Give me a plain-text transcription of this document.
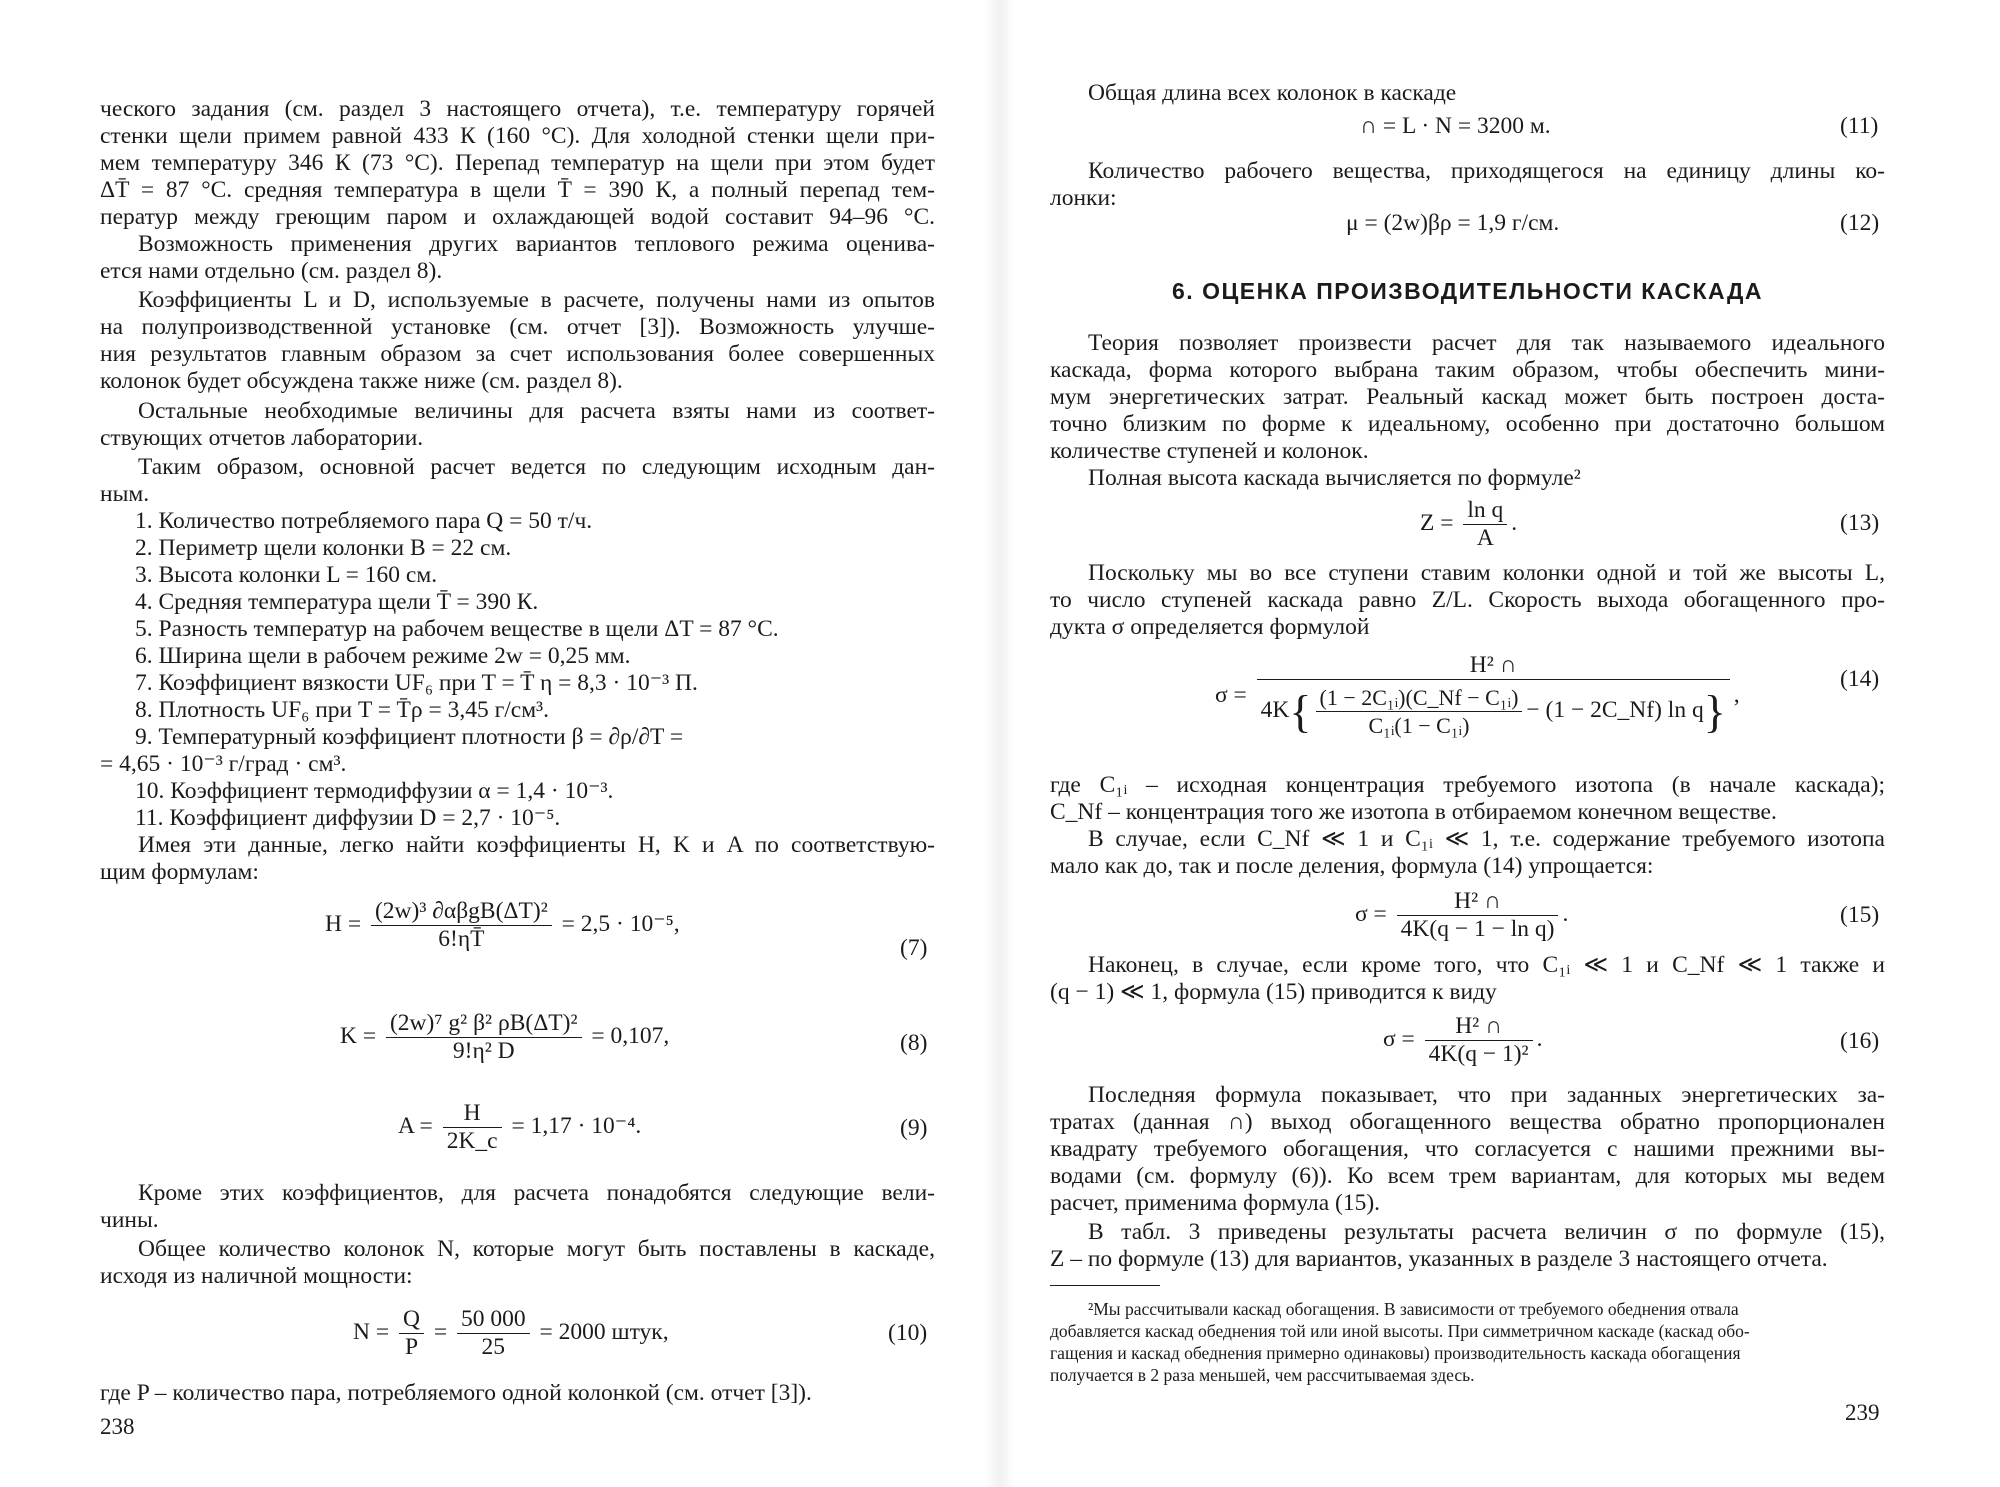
ческого задания (см. раздел 3 настоящего отчета), т.е. температуру горячей
стенки щели примем равной 433 К (160 °С). Для холодной стенки щели при-
мем температуру 346 К (73 °С). Перепад температур на щели при этом будет
ΔT̄ = 87 °С. средняя температура в щели T̄ = 390 К, а полный перепад тем-
ператур между греющим паром и охлаждающей водой составит 94–96 °С.
Возможность применения других вариантов теплового режима оценива-
ется нами отдельно (см. раздел 8).
Коэффициенты L и D, используемые в расчете, получены нами из опытов
на полупроизводственной установке (см. отчет [3]). Возможность улучше-
ния результатов главным образом за счет использования более совершенных
колонок будет обсуждена также ниже (см. раздел 8).
Остальные необходимые величины для расчета взяты нами из соответ-
ствующих отчетов лаборатории.
Таким образом, основной расчет ведется по следующим исходным дан-
ным.
1. Количество потребляемого пара Q = 50 т/ч.
2. Периметр щели колонки B = 22 см.
3. Высота колонки L = 160 см.
4. Средняя температура щели T̄ = 390 К.
5. Разность температур на рабочем веществе в щели ΔT = 87 °С.
6. Ширина щели в рабочем режиме 2w = 0,25 мм.
7. Коэффициент вязкости UF₆ при T = T̄ η = 8,3 · 10⁻³ П.
8. Плотность UF₆ при T = T̄ρ = 3,45 г/см³.
9. Температурный коэффициент плотности β = ∂ρ/∂T =
= 4,65 · 10⁻³ г/град · см³.
10. Коэффициент термодиффузии α = 1,4 · 10⁻³.
11. Коэффициент диффузии D = 2,7 · 10⁻⁵.
Имея эти данные, легко найти коэффициенты H, K и A по соответствую-
щим формулам:
$H = \frac{\text{(2w)³ ∂αβgB(ΔT)²}}{6!\eta T̄} = 2,5 \cdot 10^{-5}$,
(7)
$K = \frac{\text{(2w)⁷ g² β² ρB(ΔT)²}}{\text{9!η² D}} = 0,107$,	(8)
$A = \frac{H}{2K\_c} = 1,17 \cdot 10^{-4}$.	(9)
Кроме этих коэффициентов, для расчета понадобятся следующие вели-
чины.
Общее количество колонок N, которые могут быть поставлены в каскаде,
исходя из наличной мощности:
$N = \frac{Q}{P} = \frac{50 000}{25} = 2000$ штук,	(10)
где P – количество пара, потребляемого одной колонкой (см. отчет [3]).
238
Общая длина всех колонок в каскаде
∩ = L · N = 3200 м.	(11)
Количество рабочего вещества, приходящегося на единицу длины ко-
лонки:
μ = (2w)βρ = 1,9 г/см.	(12)
6. ОЦЕНКА ПРОИЗВОДИТЕЛЬНОСТИ КАСКАДА
Теория позволяет произвести расчет для так называемого идеального
каскада, форма которого выбрана таким образом, чтобы обеспечить мини-
мум энергетических затрат. Реальный каскад может быть построен доста-
точно близким по форме к идеальному, особенно при достаточно большом
количестве ступеней и колонок.
Полная высота каскада вычисляется по формуле²
$Z = \frac{\text{ln q}}{A}$ .	(13)
Поскольку мы во все ступени ставим колонки одной и той же высоты L,
то число ступеней каскада равно Z/L. Скорость выхода обогащенного про-
дукта σ определяется формулой
$\sigma = \frac{\text{H² ∩}}{4K\{ \frac{\text{(1 − 2C₁ᵢ)(C\_Nf − C₁ᵢ)}}{\text{C₁ᵢ(1 − C₁ᵢ)}} - (1 - 2C\_Nf) \ln q\}}$ ,
(14)
где C₁ᵢ – исходная концентрация требуемого изотопа (в начале каскада);
C_Nf – концентрация того же изотопа в отбираемом конечном веществе.
В случае, если C_Nf ≪ 1 и C₁ᵢ ≪ 1, т.е. содержание требуемого изотопа
мало как до, так и после деления, формула (14) упрощается:
$\sigma = \frac{\text{H² ∩}}{\text{4K(q − 1 − ln q)}}$ .	(15)
Наконец, в случае, если кроме того, что C₁ᵢ ≪ 1 и C_Nf ≪ 1 также и
(q − 1) ≪ 1, формула (15) приводится к виду
$\sigma = \frac{\text{H² ∩}}{\text{4K(q − 1)²}}$ .	(16)
Последняя формула показывает, что при заданных энергетических за-
тратах (данная ∩) выход обогащенного вещества обратно пропорционален
квадрату требуемого обогащения, что согласуется с нашими прежними вы-
водами (см. формулу (6)). Ко всем трем вариантам, для которых мы ведем
расчет, применима формула (15).
В табл. 3 приведены результаты расчета величин σ по формуле (15),
Z – по формуле (13) для вариантов, указанных в разделе 3 настоящего отчета.
²Мы рассчитывали каскад обогащения. В зависимости от требуемого обеднения отвала
добавляется каскад обеднения той или иной высоты. При симметричном каскаде (каскад обо-
гащения и каскад обеднения примерно одинаковы) производительность каскада обогащения
получается в 2 раза меньшей, чем рассчитываемая здесь.
239
